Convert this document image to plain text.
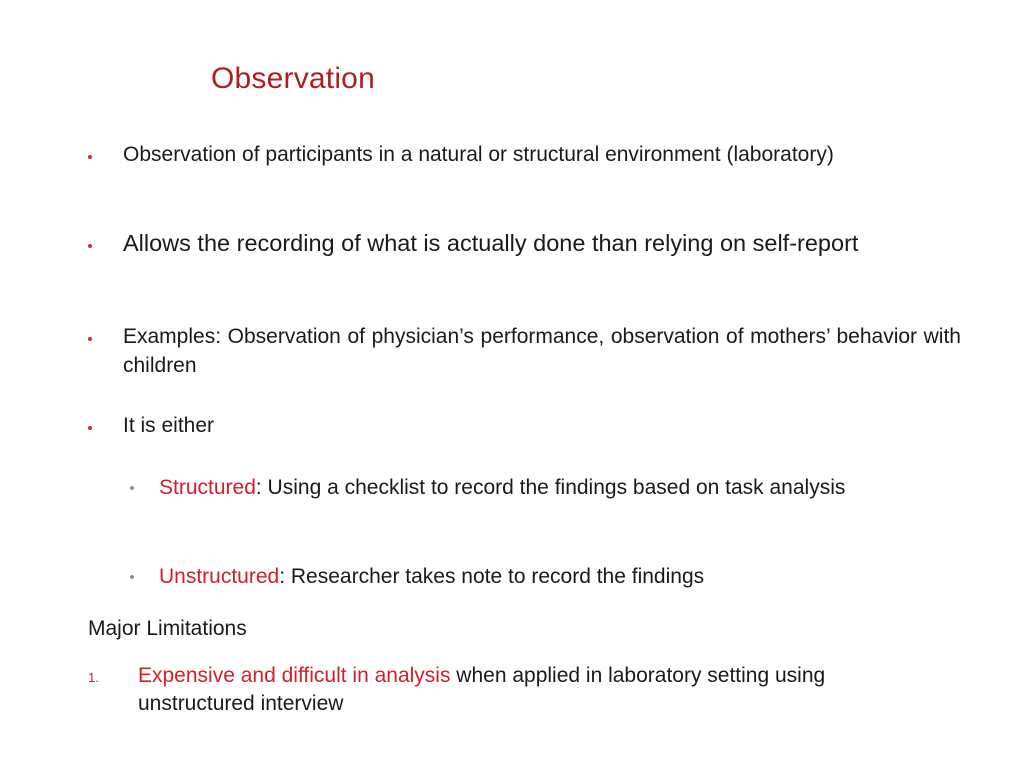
Observation
Observation of participants in a natural or structural environment (laboratory)
Allows the recording of what is actually done than relying on self-report
Examples: Observation of physician’s performance, observation of mothers’ behavior with children
It is either
Structured: Using a checklist to record the findings based on task analysis
Unstructured: Researcher takes note to record the findings
Major Limitations
1. Expensive and difficult in analysis when applied in laboratory setting using unstructured interview
